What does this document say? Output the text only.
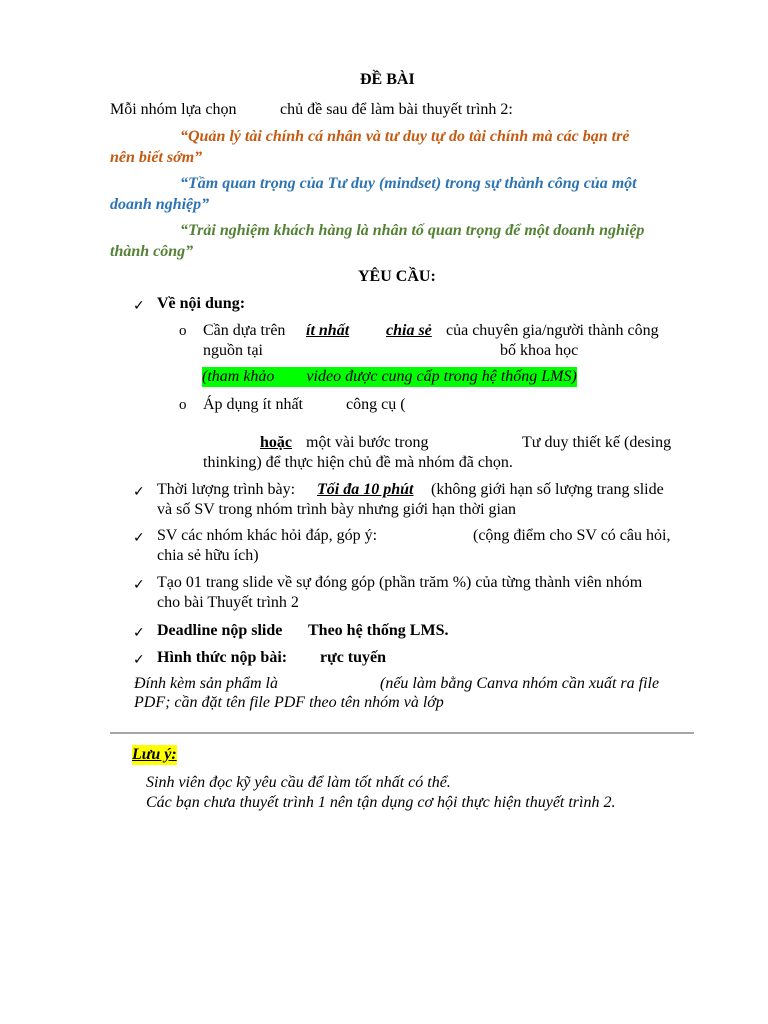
ĐỀ BÀI
Mỗi nhóm lựa chọn	chủ đề sau để làm bài thuyết trình 2:
“Quản lý tài chính cá nhân và tư duy tự do tài chính mà các bạn trẻ
nên biết sớm”
“Tầm quan trọng của Tư duy (mindset) trong sự thành công của một
doanh nghiệp”
“Trải nghiệm khách hàng là nhân tố quan trọng để một doanh nghiệp
thành công”
YÊU CẦU:
✓ Về nội dung:
o Cần dựa trên ít nhất chia sẻ của chuyên gia/người thành công
nguồn tại	bố khoa học
(tham khảo        video được cung cấp trong hệ thống LMS)
o Áp dụng ít nhất	công cụ (
hoặc một vài bước trong	Tư duy thiết kế (desing
thinking) để thực hiện chủ đề mà nhóm đã chọn.
✓ Thời lượng trình bày: Tối đa 10 phút (không giới hạn số lượng trang slide
và số SV trong nhóm trình bày nhưng giới hạn thời gian
✓ SV các nhóm khác hỏi đáp, góp ý:	(cộng điểm cho SV có câu hỏi,
chia sẻ hữu ích)
✓ Tạo 01 trang slide về sự đóng góp (phần trăm %) của từng thành viên nhóm
cho bài Thuyết trình 2
✓ Deadline nộp slide Theo hệ thống LMS.
✓ Hình thức nộp bài: rực tuyến
Đính kèm sản phẩm là	(nếu làm bằng Canva nhóm cần xuất ra file
PDF; cần đặt tên file PDF theo tên nhóm và lớp
Lưu ý:
Sinh viên đọc kỹ yêu cầu để làm tốt nhất có thể.
Các bạn chưa thuyết trình 1 nên tận dụng cơ hội thực hiện thuyết trình 2.
